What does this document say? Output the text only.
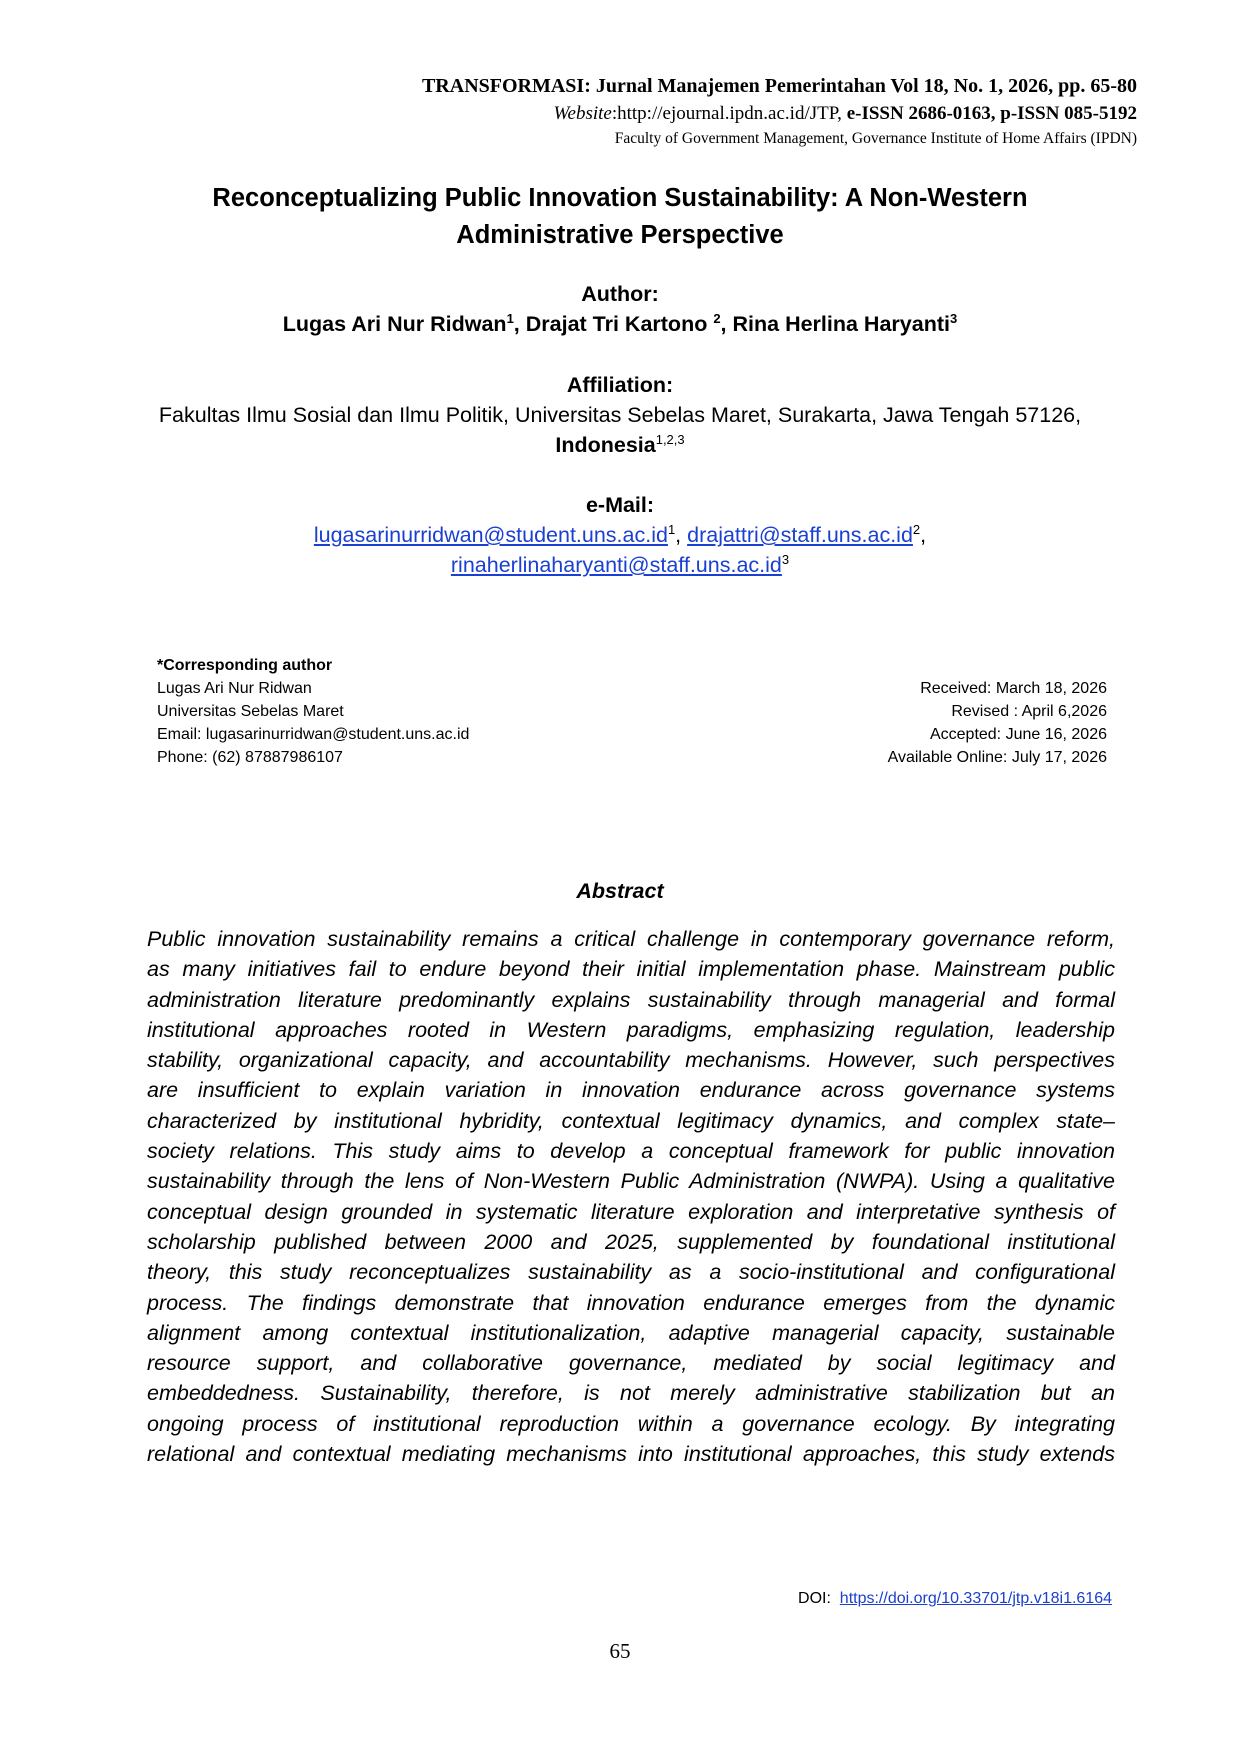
TRANSFORMASI: Jurnal Manajemen Pemerintahan Vol 18, No. 1, 2026, pp. 65-80
Website:http://ejournal.ipdn.ac.id/JTP, e-ISSN 2686-0163, p-ISSN 085-5192
Faculty of Government Management, Governance Institute of Home Affairs (IPDN)
Reconceptualizing Public Innovation Sustainability: A Non-Western
Administrative Perspective
Author:
Lugas Ari Nur Ridwan$^1$, Drajat Tri Kartono $^2$, Rina Herlina Haryanti$^3$
Affiliation:
Fakultas Ilmu Sosial dan Ilmu Politik, Universitas Sebelas Maret, Surakarta, Jawa Tengah 57126,
Indonesia$^{1,2,3}$
e-Mail:
$lugasarinurridwan@student.uns.ac.id^1$, $drajattri@staff.uns.ac.id^2$,
$rinaherlinaharyanti@staff.uns.ac.id^3$
*Corresponding author
Lugas Ari Nur Ridwan
Universitas Sebelas Maret
Email: lugasarinurridwan@student.uns.ac.id
Phone: (62) 87887986107
Received: March 18, 2026
Revised : April 6,2026
Accepted: June 16, 2026
Available Online: July 17, 2026
Abstract
Public innovation sustainability remains a critical challenge in contemporary governance reform,
as many initiatives fail to endure beyond their initial implementation phase. Mainstream public
administration literature predominantly explains sustainability through managerial and formal
institutional approaches rooted in Western paradigms, emphasizing regulation, leadership
stability, organizational capacity, and accountability mechanisms. However, such perspectives
are insufficient to explain variation in innovation endurance across governance systems
characterized by institutional hybridity, contextual legitimacy dynamics, and complex state–
society relations. This study aims to develop a conceptual framework for public innovation
sustainability through the lens of Non-Western Public Administration (NWPA). Using a qualitative
conceptual design grounded in systematic literature exploration and interpretative synthesis of
scholarship published between 2000 and 2025, supplemented by foundational institutional
theory, this study reconceptualizes sustainability as a socio-institutional and configurational
process. The findings demonstrate that innovation endurance emerges from the dynamic
alignment among contextual institutionalization, adaptive managerial capacity, sustainable
resource support, and collaborative governance, mediated by social legitimacy and
embeddedness. Sustainability, therefore, is not merely administrative stabilization but an
ongoing process of institutional reproduction within a governance ecology. By integrating
relational and contextual mediating mechanisms into institutional approaches, this study extends
DOI: https://doi.org/10.33701/jtp.v18i1.6164
65
